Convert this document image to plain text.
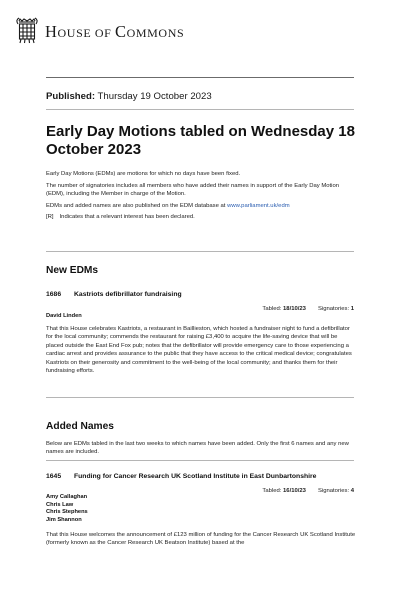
HOUSE OF COMMONS
Published: Thursday 19 October 2023
Early Day Motions tabled on Wednesday 18 October 2023

Early Day Motions (EDMs) are motions for which no days have been fixed.

The number of signatories includes all members who have added their names in support of the Early Day Motion (EDM), including the Member in charge of the Motion.

EDMs and added names are also published on the EDM database at www.parliament.uk/edm

[R] Indicates that a relevant interest has been declared.

New EDMs
1686 Kastriots defibrillator fundraising
Tabled: 18/10/23 Signatories: 1
David Linden
That this House celebrates Kastriots, a restaurant in Baillieston, which hosted a fundraiser night to fund a defibrillator for the local community; commends the restaurant for raising £3,400 to acquire the life-saving device that will be placed outside the East End Fox pub; notes that the defibrillator will provide emergency care to those experiencing a cardiac arrest and provides assurance to the public that they have access to the critical medical device; congratulates Kastriots on their generosity and commitment to the well-being of the local community; and thanks them for their fundraising efforts.
Added Names
Below are EDMs tabled in the last two weeks to which names have been added. Only the first 6 names and any new names are included.
1645 Funding for Cancer Research UK Scotland Institute in East Dunbartonshire
Tabled: 16/10/23 Signatories: 4
Amy Callaghan
Chris Law
Chris Stephens
Jim Shannon
That this House welcomes the announcement of £123 million of funding for the Cancer Research UK Scotland Institute (formerly known as the Cancer Research UK Beatson Institute) based at the
